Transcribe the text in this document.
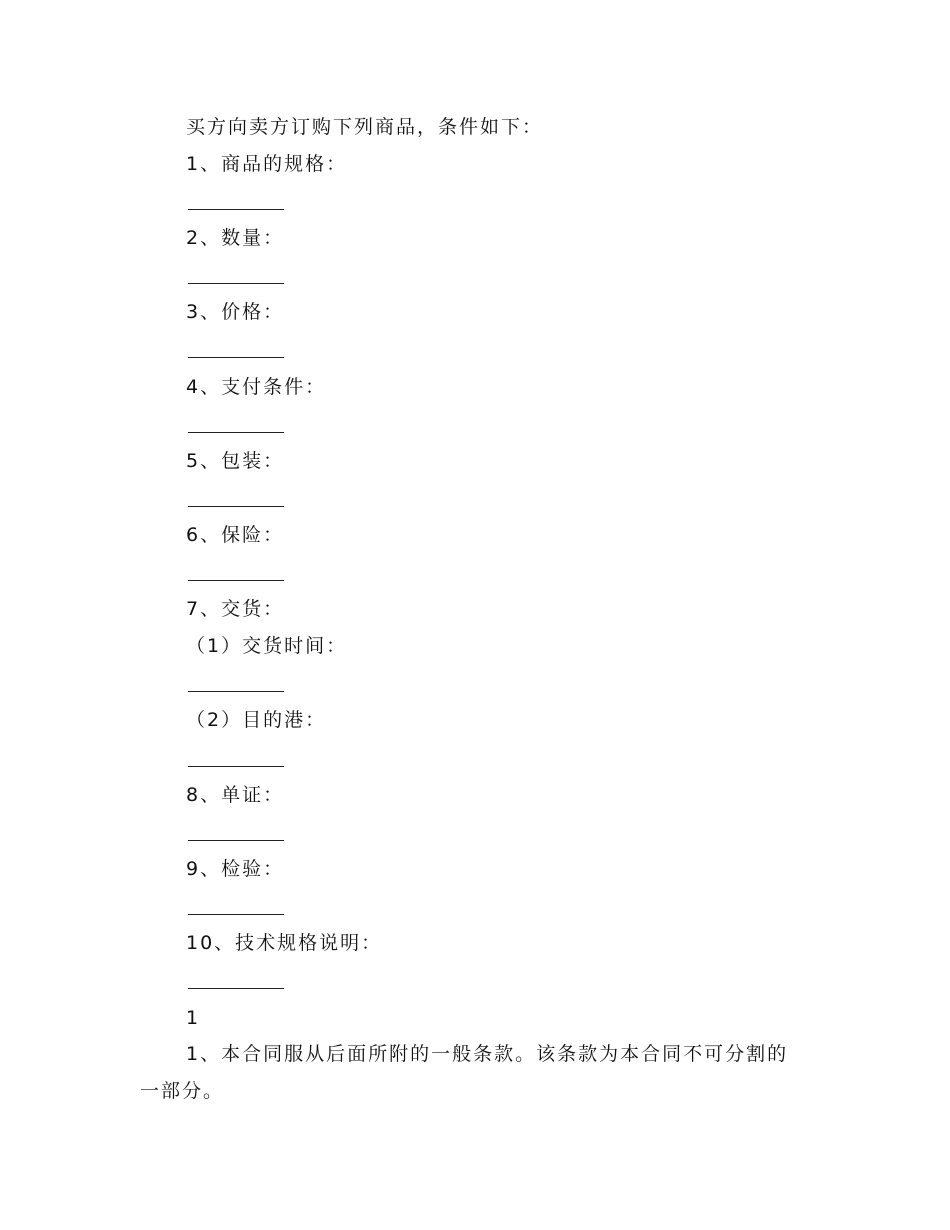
买方向卖方订购下列商品，条件如下：
1、商品的规格：
2、数量：
3、价格：
4、支付条件：
5、包装：
6、保险：
7、交货：
（1）交货时间：
（2）目的港：
8、单证：
9、检验：
10、技术规格说明：
1
1、本合同服从后面所附的一般条款。该条款为本合同不可分割的
一部分。
